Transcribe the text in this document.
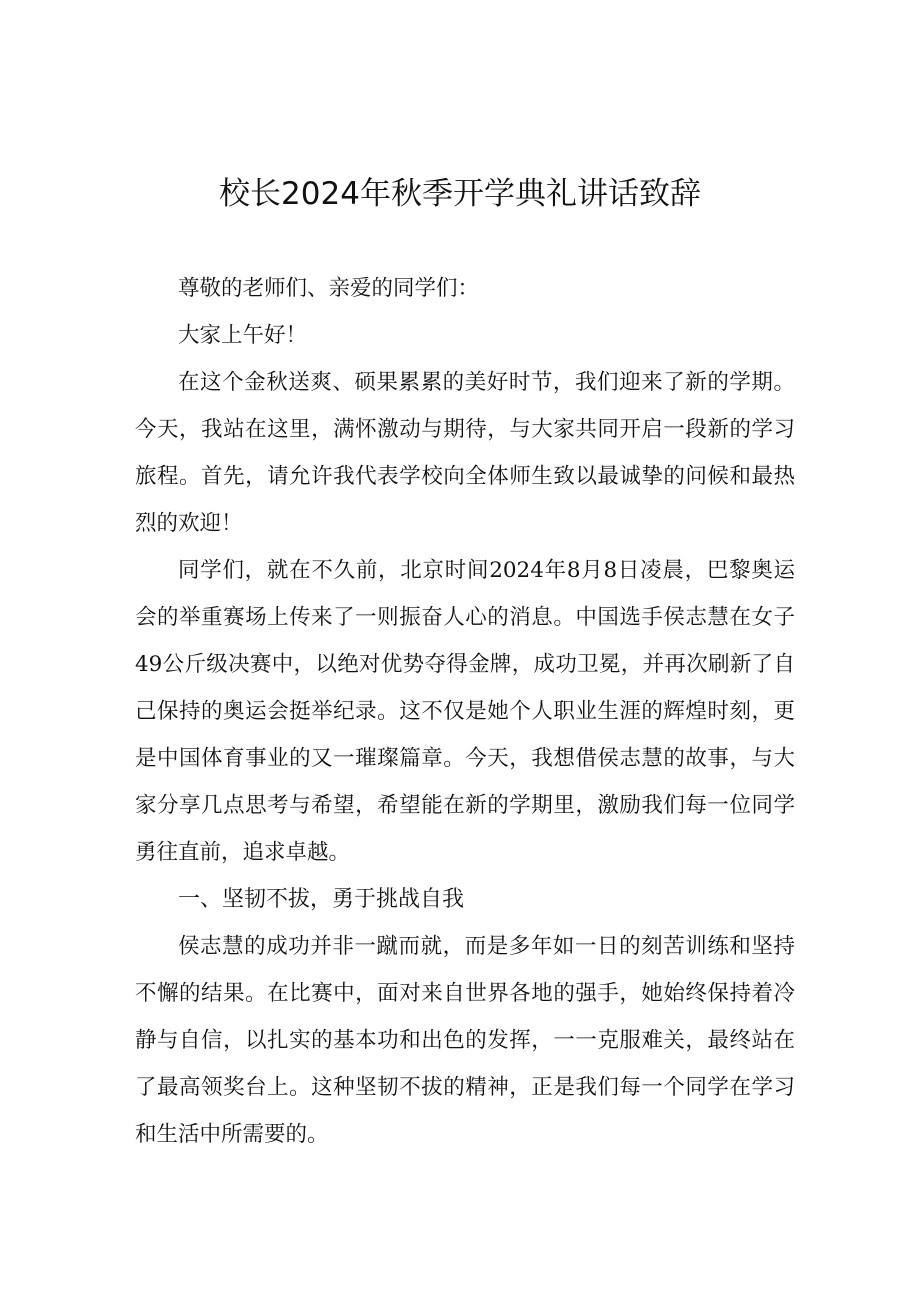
校长2024年秋季开学典礼讲话致辞

尊敬的老师们、亲爱的同学们：

大家上午好！

在这个金秋送爽、硕果累累的美好时节，我们迎来了新的学期。今天，我站在这里，满怀激动与期待，与大家共同开启一段新的学习旅程。首先，请允许我代表学校向全体师生致以最诚挚的问候和最热烈的欢迎！

同学们，就在不久前，北京时间2024年8月8日凌晨，巴黎奥运会的举重赛场上传来了一则振奋人心的消息。中国选手侯志慧在女子49公斤级决赛中，以绝对优势夺得金牌，成功卫冕，并再次刷新了自己保持的奥运会挺举纪录。这不仅是她个人职业生涯的辉煌时刻，更是中国体育事业的又一璀璨篇章。今天，我想借侯志慧的故事，与大家分享几点思考与希望，希望能在新的学期里，激励我们每一位同学勇往直前，追求卓越。

一、坚韧不拔，勇于挑战自我

侯志慧的成功并非一蹴而就，而是多年如一日的刻苦训练和坚持不懈的结果。在比赛中，面对来自世界各地的强手，她始终保持着冷静与自信，以扎实的基本功和出色的发挥，一一克服难关，最终站在了最高领奖台上。这种坚韧不拔的精神，正是我们每一个同学在学习和生活中所需要的。
